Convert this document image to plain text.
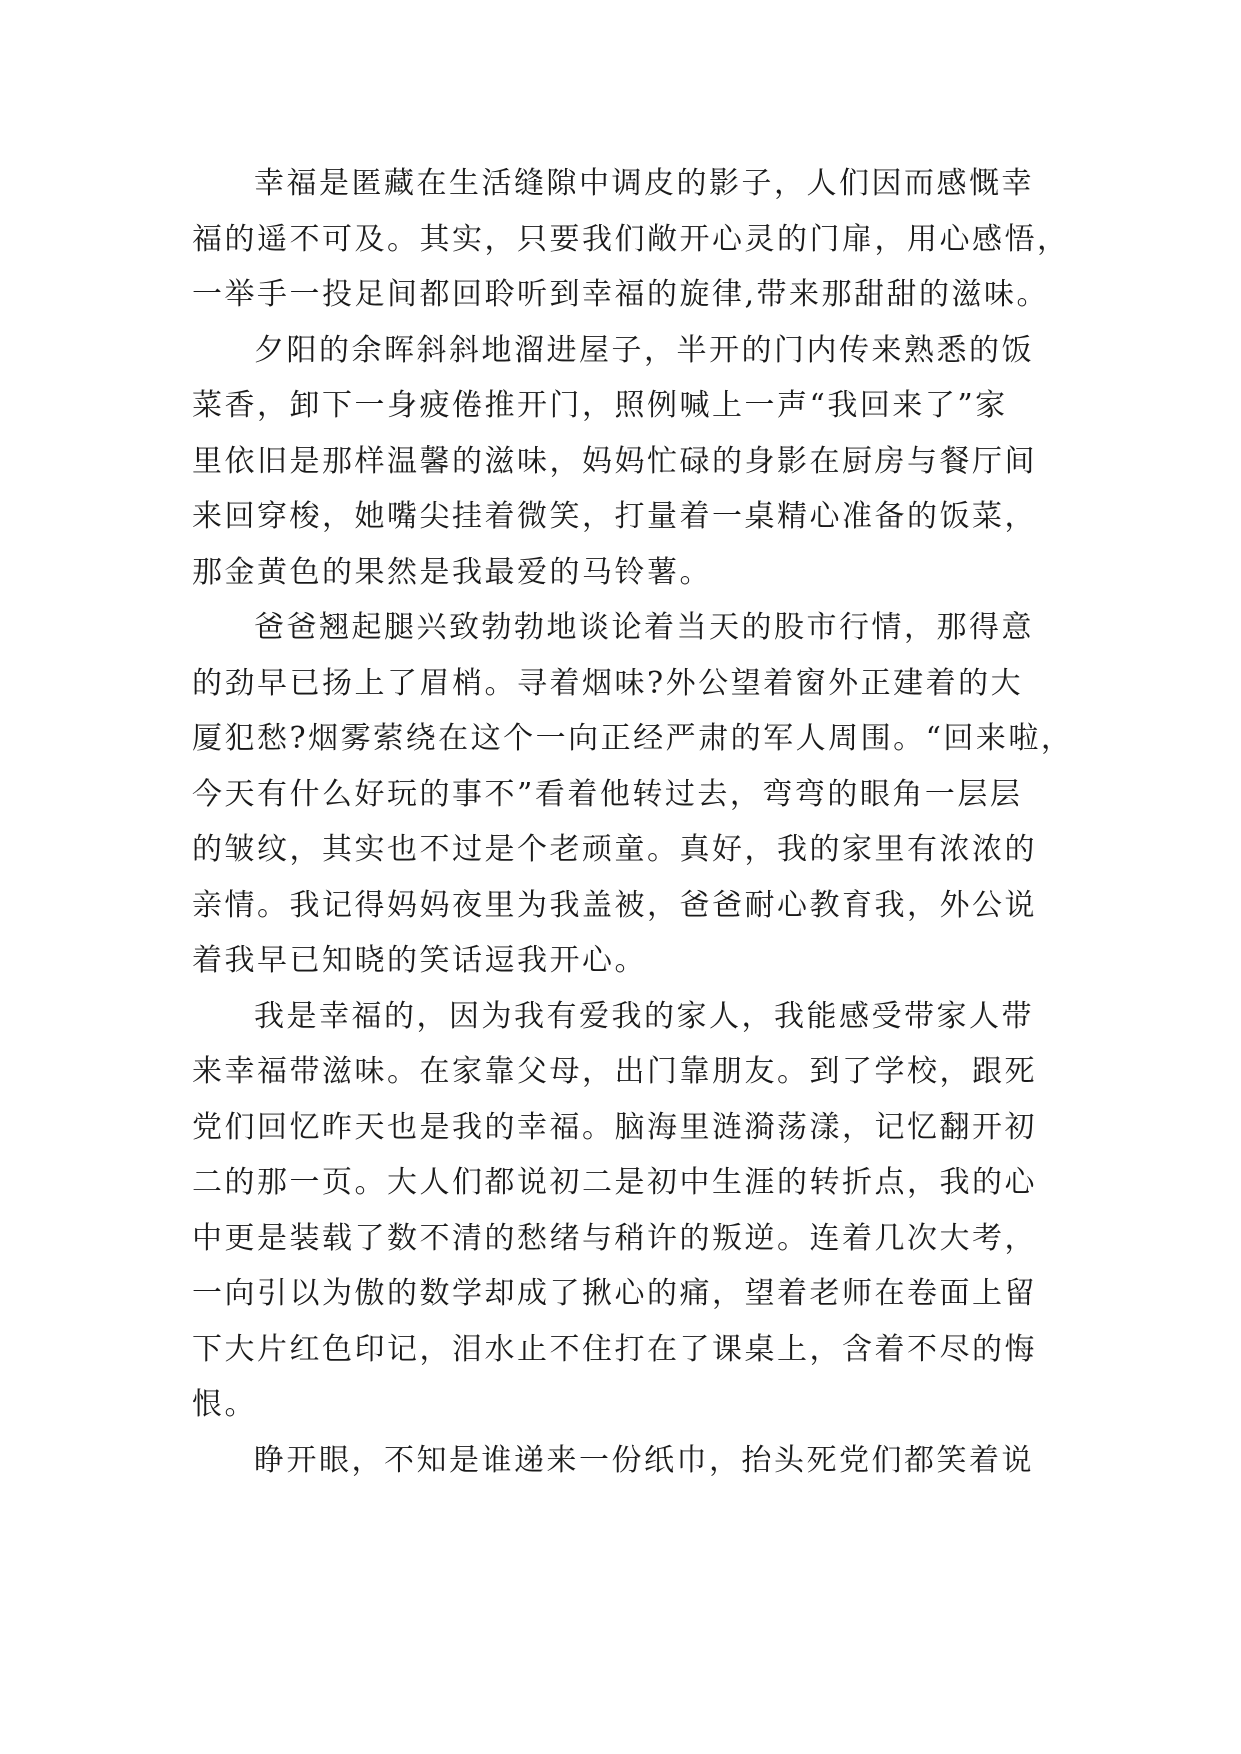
幸福是匿藏在生活缝隙中调皮的影子，人们因而感慨幸
福的遥不可及。其实，只要我们敞开心灵的门扉，用心感悟，
一举手一投足间都回聆听到幸福的旋律,带来那甜甜的滋味。
夕阳的余晖斜斜地溜进屋子，半开的门内传来熟悉的饭
菜香，卸下一身疲倦推开门，照例喊上一声“我回来了”家
里依旧是那样温馨的滋味，妈妈忙碌的身影在厨房与餐厅间
来回穿梭，她嘴尖挂着微笑，打量着一桌精心准备的饭菜，
那金黄色的果然是我最爱的马铃薯。
爸爸翘起腿兴致勃勃地谈论着当天的股市行情，那得意
的劲早已扬上了眉梢。寻着烟味?外公望着窗外正建着的大
厦犯愁?烟雾萦绕在这个一向正经严肃的军人周围。“回来啦，
今天有什么好玩的事不”看着他转过去，弯弯的眼角一层层
的皱纹，其实也不过是个老顽童。真好，我的家里有浓浓的
亲情。我记得妈妈夜里为我盖被，爸爸耐心教育我，外公说
着我早已知晓的笑话逗我开心。
我是幸福的，因为我有爱我的家人，我能感受带家人带
来幸福带滋味。在家靠父母，出门靠朋友。到了学校，跟死
党们回忆昨天也是我的幸福。脑海里涟漪荡漾，记忆翻开初
二的那一页。大人们都说初二是初中生涯的转折点，我的心
中更是装载了数不清的愁绪与稍许的叛逆。连着几次大考，
一向引以为傲的数学却成了揪心的痛，望着老师在卷面上留
下大片红色印记，泪水止不住打在了课桌上，含着不尽的悔
恨。
睁开眼，不知是谁递来一份纸巾，抬头死党们都笑着说
